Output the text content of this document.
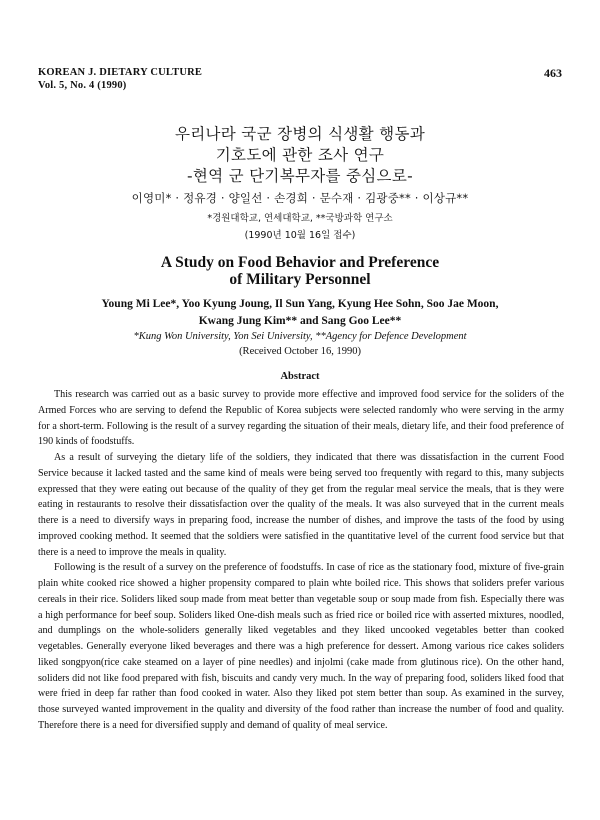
KOREAN J. DIETARY CULTURE
Vol. 5, No. 4 (1990)
463
우리나라 국군 장병의 식생활 행동과
기호도에 관한 조사 연구
-현역 군 단기복무자를 중심으로-
이영미* · 정유경 · 양일선 · 손경희 · 문수재 · 김광중** · 이상규**
*경원대학교, 연세대학교, **국방과학 연구소
(1990년 10월 16일 접수)
A Study on Food Behavior and Preference
of Military Personnel
Young Mi Lee*, Yoo Kyung Joung, Il Sun Yang, Kyung Hee Sohn, Soo Jae Moon,
Kwang Jung Kim** and Sang Goo Lee**
*Kung Won University, Yon Sei University, **Agency for Defence Development
(Received October 16, 1990)
Abstract

This research was carried out as a basic survey to provide more effective and improved food service for the soliders of the Armed Forces who are serving to defend the Republic of Korea subjects were selected randomly who were serving in the army for a short-term. Following is the result of a survey regarding the situation of their meals, dietary life, and their food preference of 190 kinds of foodstuffs.

As a result of surveying the dietary life of the soldiers, they indicated that there was dissatisfaction in the current Food Service because it lacked tasted and the same kind of meals were being served too frequently with regard to this, many subjects expressed that they were eating out because of the quality of they get from the regular meal service the meals, that is they were eating in restaurants to resolve their dissatisfaction over the quality of the meals. It was also surveyed that in the current meals there is a need to diversify ways in preparing food, increase the number of dishes, and improve the tasts of the food by using improved cooking method. It seemed that the soldiers were satisfied in the quantitative level of the current food service but that there is a need to improve the meals in quality.

Following is the result of a survey on the preference of foodstuffs. In case of rice as the stationary food, mixture of five-grain plain white cooked rice showed a higher propensity compared to plain whte boiled rice. This shows that soliders prefer various cereals in their rice. Soliders liked soup made from meat better than vegetable soup or soup made from fish. Especially there was a high performance for beef soup. Soliders liked One-dish meals such as fried rice or boiled rice with asserted mixtures, noodled, and dumplings on the whole-soliders generally liked vegetables and they liked uncooked vegetables better than cooked vegetables. Generally everyone liked beverages and there was a high preference for dessert. Among various rice cakes soliders liked songpyon(rice cake steamed on a layer of pine needles) and injolmi (cake made from glutinous rice). On the other hand, soliders did not like food prepared with fish, biscuits and candy very much. In the way of preparing food, soliders liked food that were fried in deep far rather than food cooked in water. Also they liked pot stem better than soup. As examined in the survey, those surveyed wanted improvement in the quality and diversity of the food rather than increase the number of food and quality. Therefore there is a need for diversified supply and demand of quality of meal service.
